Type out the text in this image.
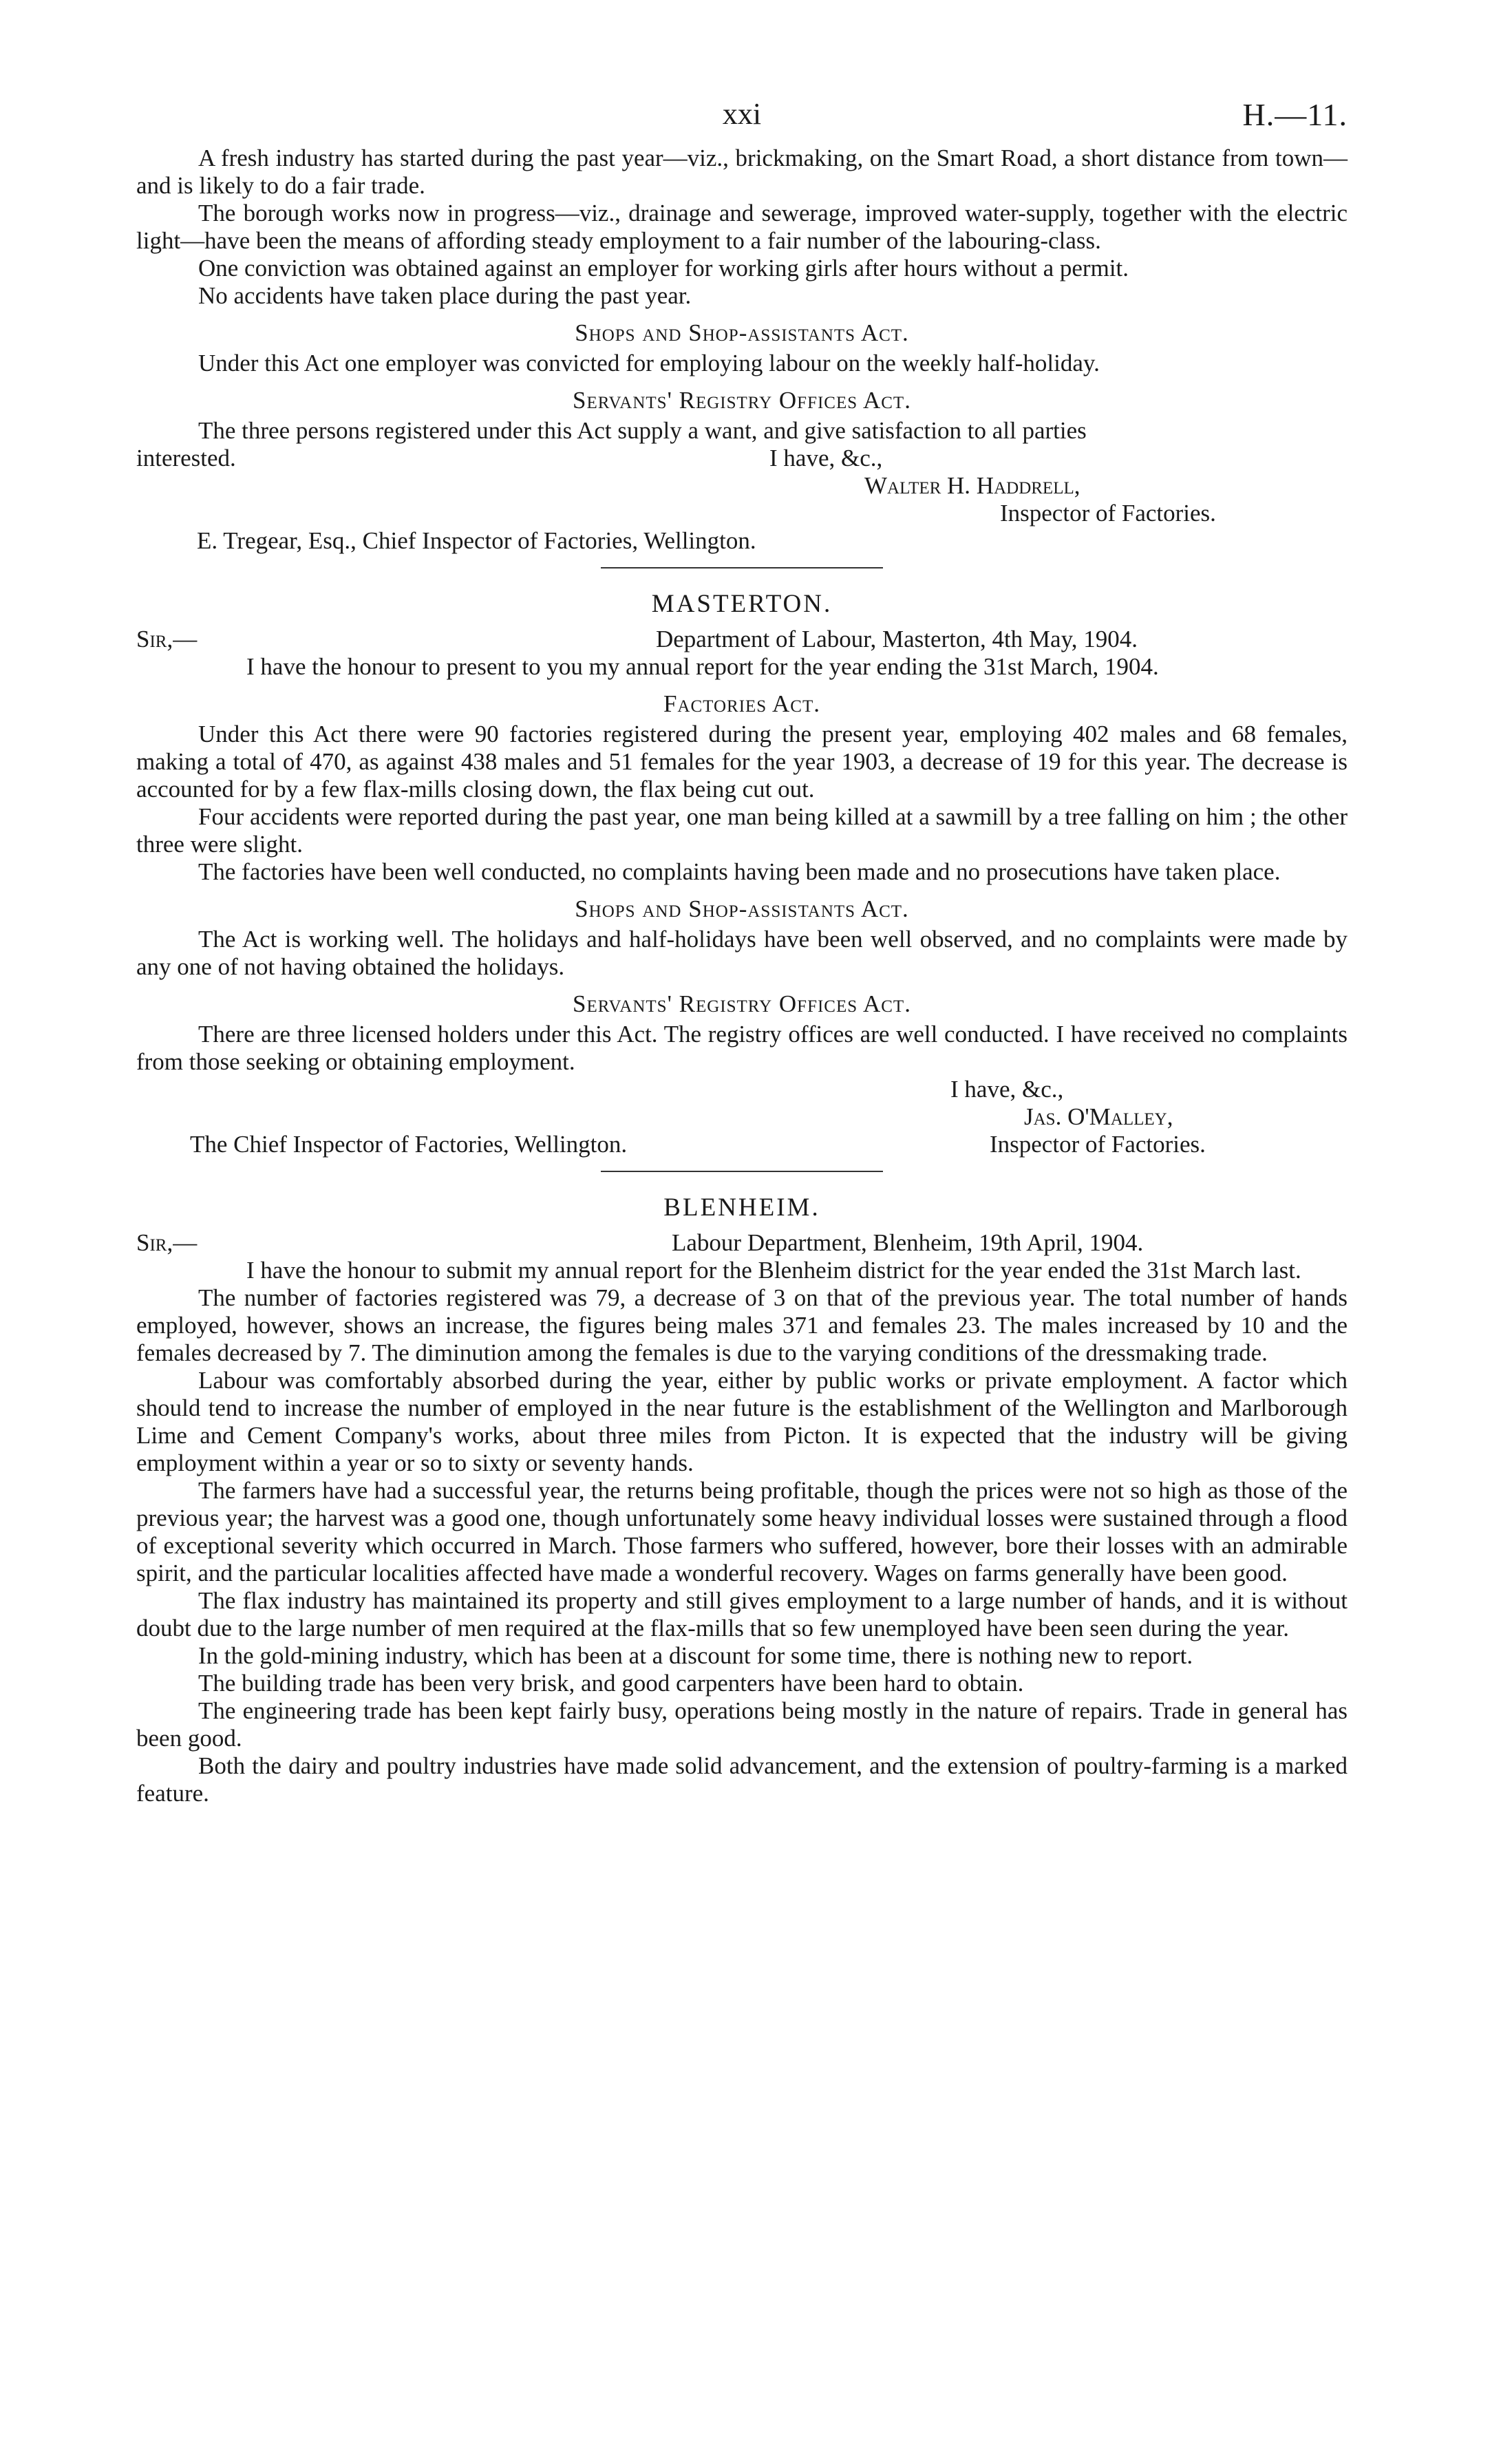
xxi	H.—11.

A fresh industry has started during the past year—viz., brickmaking, on the Smart Road, a short distance from town—and is likely to do a fair trade.

The borough works now in progress—viz., drainage and sewerage, improved water-supply, together with the electric light—have been the means of affording steady employment to a fair number of the labouring-class.

One conviction was obtained against an employer for working girls after hours without a permit.

No accidents have taken place during the past year.

Shops and Shop-assistants Act.

Under this Act one employer was convicted for employing labour on the weekly half-holiday.

Servants' Registry Offices Act.

The three persons registered under this Act supply a want, and give satisfaction to all parties

interested.	I have, &c.,
Walter H. Haddrell,
Inspector of Factories.
E. Tregear, Esq., Chief Inspector of Factories, Wellington.
MASTERTON.
Sir,—	Department of Labour, Masterton, 4th May, 1904.

I have the honour to present to you my annual report for the year ending the 31st March, 1904.

Factories Act.

Under this Act there were 90 factories registered during the present year, employing 402 males and 68 females, making a total of 470, as against 438 males and 51 females for the year 1903, a decrease of 19 for this year. The decrease is accounted for by a few flax-mills closing down, the flax being cut out.

Four accidents were reported during the past year, one man being killed at a sawmill by a tree falling on him ; the other three were slight.

The factories have been well conducted, no complaints having been made and no prosecutions have taken place.

Shops and Shop-assistants Act.

The Act is working well. The holidays and half-holidays have been well observed, and no complaints were made by any one of not having obtained the holidays.

Servants' Registry Offices Act.

There are three licensed holders under this Act. The registry offices are well conducted. I have received no complaints from those seeking or obtaining employment.

I have, &c.,
Jas. O'Malley,
The Chief Inspector of Factories, Wellington.	Inspector of Factories.
BLENHEIM.
Sir,—	Labour Department, Blenheim, 19th April, 1904.

I have the honour to submit my annual report for the Blenheim district for the year ended the 31st March last.

The number of factories registered was 79, a decrease of 3 on that of the previous year. The total number of hands employed, however, shows an increase, the figures being males 371 and females 23. The males increased by 10 and the females decreased by 7. The diminution among the females is due to the varying conditions of the dressmaking trade.

Labour was comfortably absorbed during the year, either by public works or private employment. A factor which should tend to increase the number of employed in the near future is the establishment of the Wellington and Marlborough Lime and Cement Company's works, about three miles from Picton. It is expected that the industry will be giving employment within a year or so to sixty or seventy hands.

The farmers have had a successful year, the returns being profitable, though the prices were not so high as those of the previous year; the harvest was a good one, though unfortunately some heavy individual losses were sustained through a flood of exceptional severity which occurred in March. Those farmers who suffered, however, bore their losses with an admirable spirit, and the particular localities affected have made a wonderful recovery. Wages on farms generally have been good.

The flax industry has maintained its property and still gives employment to a large number of hands, and it is without doubt due to the large number of men required at the flax-mills that so few unemployed have been seen during the year.

In the gold-mining industry, which has been at a discount for some time, there is nothing new to report.

The building trade has been very brisk, and good carpenters have been hard to obtain.

The engineering trade has been kept fairly busy, operations being mostly in the nature of repairs. Trade in general has been good.

Both the dairy and poultry industries have made solid advancement, and the extension of poultry-farming is a marked feature.
